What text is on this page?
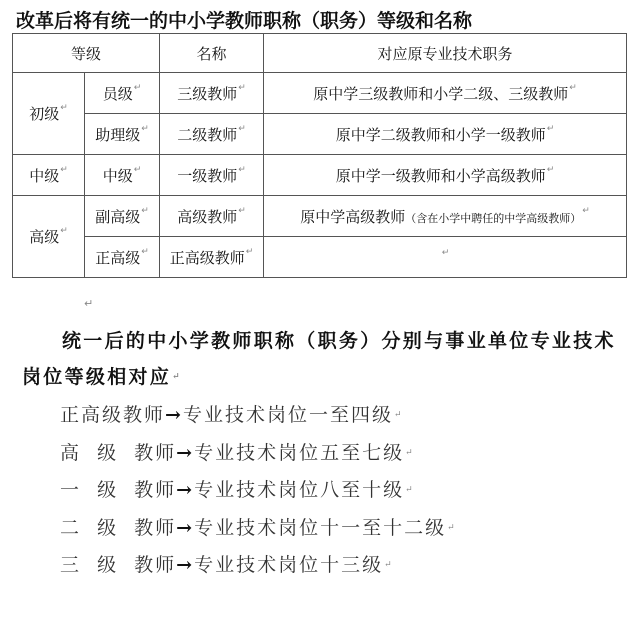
改革后将有统一的中小学教师职称（职务）等级和名称
等级		名称	对应原专业技术职务
初级↵	员级↵	三级教师↵	原中学三级教师和小学二级、三级教师↵
	助理级↵	二级教师↵	原中学二级教师和小学一级教师↵
中级↵	中级↵	一级教师↵	原中学一级教师和小学高级教师↵
高级↵	副高级↵	高级教师↵	原中学高级教师（含在小学中聘任的中学高级教师）↵
	正高级↵	正高级教师↵	↵
↵
统一后的中小学教师职称（职务）分别与事业单位专业技术
岗位等级相对应↵
正高级教师→专业技术岗位一至四级↵
高  级  教师→专业技术岗位五至七级↵
一  级  教师→专业技术岗位八至十级↵
二  级  教师→专业技术岗位十一至十二级↵
三  级  教师→专业技术岗位十三级↵
